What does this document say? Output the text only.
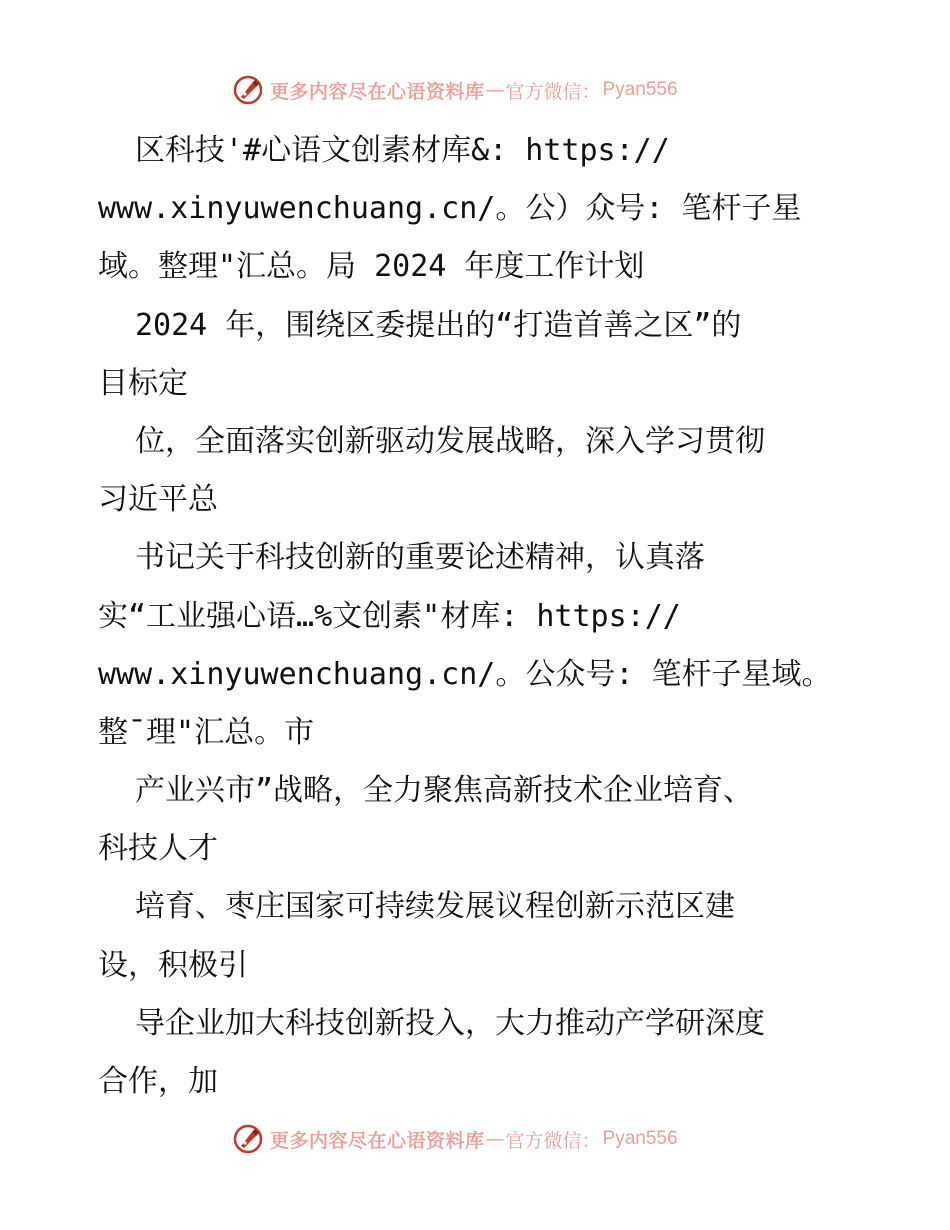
更多内容尽在心语资料库 — 官方微信： Pyan556
区科技'#心语文创素材库&: https://
www.xinyuwenchuang.cn/。公）众号: 笔杆子星
域。整理"汇总。局 2024 年度工作计划
2024 年，围绕区委提出的“打造首善之区”的
目标定
位，全面落实创新驱动发展战略，深入学习贯彻
习近平总
书记关于科技创新的重要论述精神，认真落
实“工业强心语…%文创素"材库: https://
www.xinyuwenchuang.cn/。公众号: 笔杆子星域。
整¯理"汇总。市
产业兴市”战略，全力聚焦高新技术企业培育、
科技人才
培育、枣庄国家可持续发展议程创新示范区建
设，积极引
导企业加大科技创新投入，大力推动产学研深度
合作，加
更多内容尽在心语资料库 — 官方微信： Pyan556
